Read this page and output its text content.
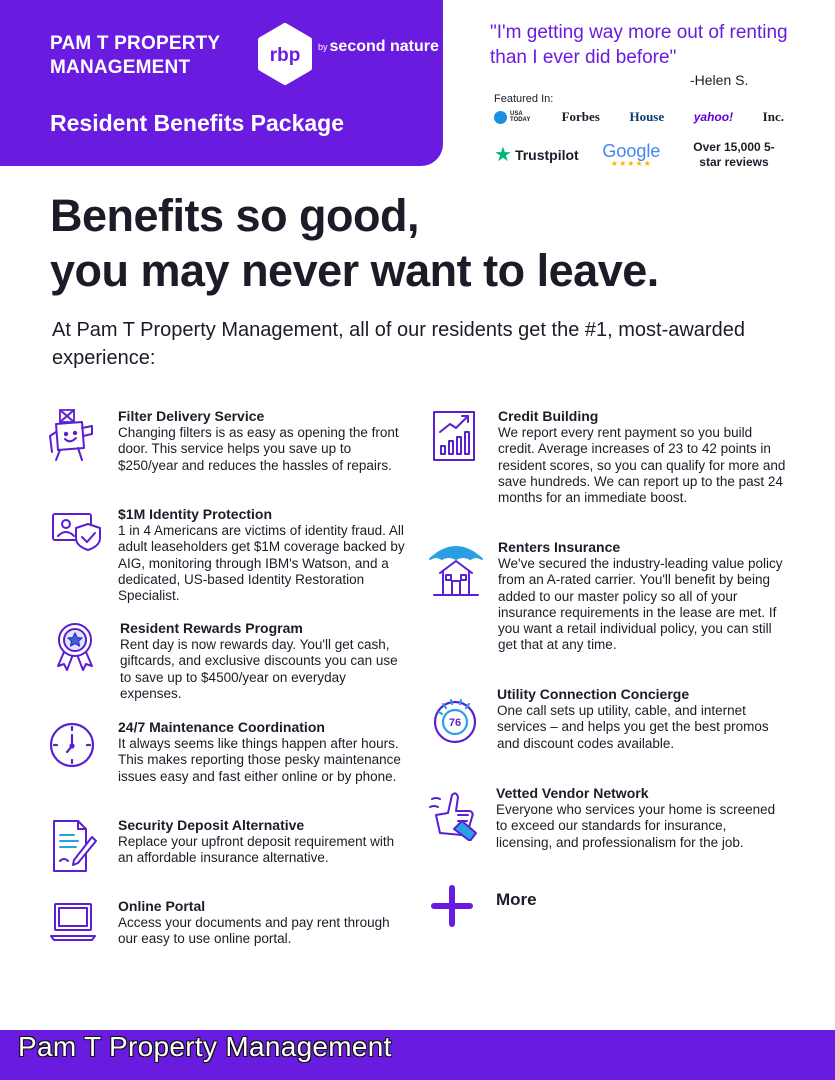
PAM T PROPERTY MANAGEMENT
rbp $^{by}$ second nature
Resident Benefits Package
"I'm getting way more out of renting than I ever did before"
-Helen S.
Featured In:
USA TODAY Forbes House yahoo! Inc.
★ Trustpilot Google
★★★★★
Over 15,000 5-star reviews
Benefits so good,
you may never want to leave.
At Pam T Property Management, all of our residents get the #1, most-awarded experience:
Filter Delivery Service
Changing filters is as easy as opening the front door. This service helps you save up to $250/year and reduces the hassles of repairs.
$1M Identity Protection
1 in 4 Americans are victims of identity fraud. All adult leaseholders get $1M coverage backed by AIG, monitoring through IBM's Watson, and a dedicated, US-based Identity Restoration Specialist.
Resident Rewards Program
Rent day is now rewards day. You'll get cash, giftcards, and exclusive discounts you can use to save up to $4500/year on everyday expenses.
24/7 Maintenance Coordination
It always seems like things happen after hours. This makes reporting those pesky maintenance issues easy and fast either online or by phone.
Security Deposit Alternative
Replace your upfront deposit requirement with an affordable insurance alternative.
Online Portal
Access your documents and pay rent through our easy to use online portal.
Credit Building
We report every rent payment so you build credit. Average increases of 23 to 42 points in resident scores, so you can qualify for more and save hundreds. We can report up to the past 24 months for an immediate boost.
Renters Insurance
We've secured the industry-leading value policy from an A-rated carrier. You'll benefit by being added to our master policy so all of your insurance requirements in the lease are met. If you want a retail individual policy, you can still get that at any time.
76
Utility Connection Concierge
One call sets up utility, cable, and internet services – and helps you get the best promos and discount codes available.
Vetted Vendor Network
Everyone who services your home is screened to exceed our standards for insurance, licensing, and professionalism for the job.
More
Pam T Property Management
